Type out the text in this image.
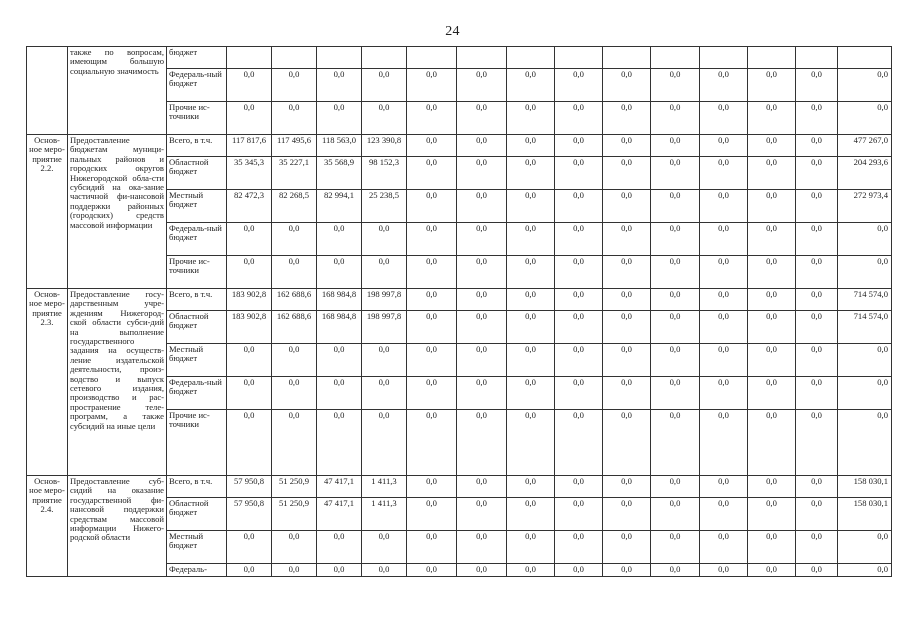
24
	также по вопросам, имеющим большую социальную значимость	бюджет														
		Федераль-ный бюджет	0,0	0,0	0,0	0,0	0,0	0,0	0,0	0,0	0,0	0,0	0,0	0,0	0,0	0,0
		Прочие ис-точники	0,0	0,0	0,0	0,0	0,0	0,0	0,0	0,0	0,0	0,0	0,0	0,0	0,0	0,0
Основ-ное меро-приятие 2.2.	Предоставление бюджетам муници-пальных районов и городских округов Нижегородской обла-сти субсидий на ока-зание частичной фи-нансовой поддержки районных (городских) средств массовой информации	Всего, в т.ч.	117 817,6	117 495,6	118 563,0	123 390,8	0,0	0,0	0,0	0,0	0,0	0,0	0,0	0,0	0,0	477 267,0
		Областной бюджет	35 345,3	35 227,1	35 568,9	98 152,3	0,0	0,0	0,0	0,0	0,0	0,0	0,0	0,0	0,0	204 293,6
		Местный бюджет	82 472,3	82 268,5	82 994,1	25 238,5	0,0	0,0	0,0	0,0	0,0	0,0	0,0	0,0	0,0	272 973,4
		Федераль-ный бюджет	0,0	0,0	0,0	0,0	0,0	0,0	0,0	0,0	0,0	0,0	0,0	0,0	0,0	0,0
		Прочие ис-точники	0,0	0,0	0,0	0,0	0,0	0,0	0,0	0,0	0,0	0,0	0,0	0,0	0,0	0,0
Основ-ное меро-приятие 2.3.	Предоставление госу-дарственным учре-ждениям Нижегород-ской области субси-дий на выполнение государственного задания на осуществ-ление издательской деятельности, произ-водство и выпуск сетевого издания, производство и рас-пространение теле-программ, а также субсидий на иные цели	Всего, в т.ч.	183 902,8	162 688,6	168 984,8	198 997,8	0,0	0,0	0,0	0,0	0,0	0,0	0,0	0,0	0,0	714 574,0
		Областной бюджет	183 902,8	162 688,6	168 984,8	198 997,8	0,0	0,0	0,0	0,0	0,0	0,0	0,0	0,0	0,0	714 574,0
		Местный бюджет	0,0	0,0	0,0	0,0	0,0	0,0	0,0	0,0	0,0	0,0	0,0	0,0	0,0	0,0
		Федераль-ный бюджет	0,0	0,0	0,0	0,0	0,0	0,0	0,0	0,0	0,0	0,0	0,0	0,0	0,0	0,0
		Прочие ис-точники	0,0	0,0	0,0	0,0	0,0	0,0	0,0	0,0	0,0	0,0	0,0	0,0	0,0	0,0
Основ-ное меро-приятие 2.4.	Предоставление суб-сидий на оказание государственной фи-нансовой поддержки средствам массовой информации Нижего-родской области	Всего, в т.ч.	57 950,8	51 250,9	47 417,1	1 411,3	0,0	0,0	0,0	0,0	0,0	0,0	0,0	0,0	0,0	158 030,1
		Областной бюджет	57 950,8	51 250,9	47 417,1	1 411,3	0,0	0,0	0,0	0,0	0,0	0,0	0,0	0,0	0,0	158 030,1
		Местный бюджет	0,0	0,0	0,0	0,0	0,0	0,0	0,0	0,0	0,0	0,0	0,0	0,0	0,0	0,0
		Федераль-	0,0	0,0	0,0	0,0	0,0	0,0	0,0	0,0	0,0	0,0	0,0	0,0	0,0	0,0
